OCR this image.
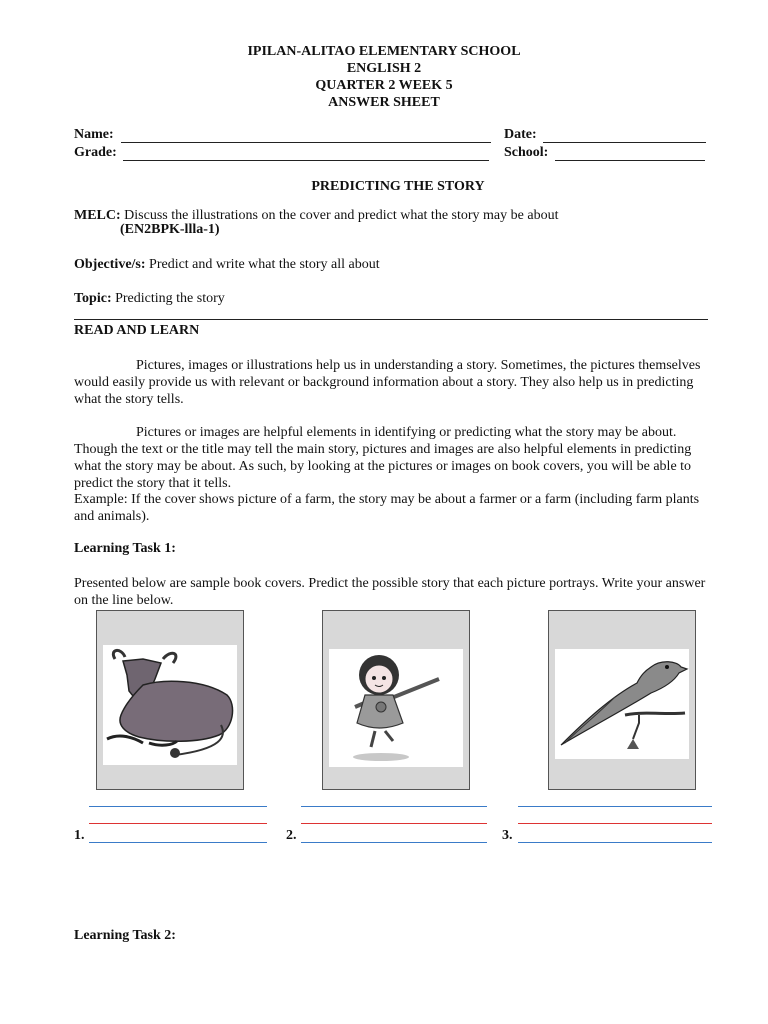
IPILAN-ALITAO ELEMENTARY SCHOOL
ENGLISH 2
QUARTER 2 WEEK 5
ANSWER SHEET
Name:	Date:
Grade:	School:
PREDICTING THE STORY
MELC: Discuss the illustrations on the cover and predict what the story may be about
(EN2BPK-llla-1)
Objective/s: Predict and write what the story all about
Topic: Predicting the story
READ AND LEARN
Pictures, images or illustrations help us in understanding a story. Sometimes, the pictures themselves would easily provide us with relevant or background information about a story. They also help us in predicting what the story tells.
Pictures or images are helpful elements in identifying or predicting what the story may be about. Though the text or the title may tell the main story, pictures and images are also helpful elements in predicting what the story may be about. As such, by looking at the pictures or images on book covers, you will be able to predict the story that it tells.
Example: If the cover shows picture of a farm, the story may be about a farmer or a farm (including farm plants and animals).
Learning Task 1:
Presented below are sample book covers. Predict the possible story that each picture portrays. Write your answer on the line below.
1.	2.	3.
Learning Task 2:
